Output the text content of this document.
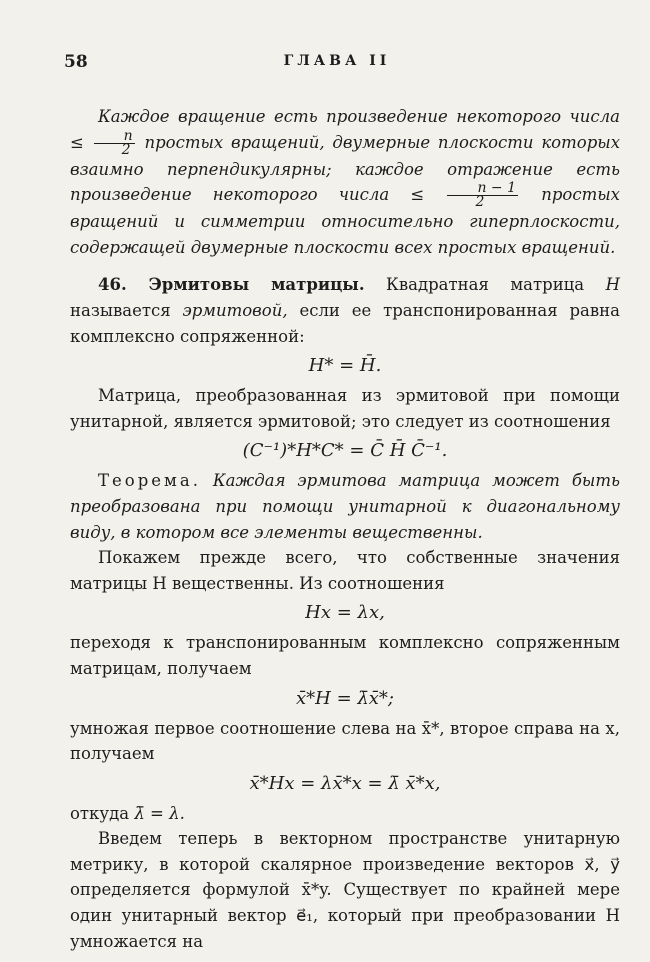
58	ГЛАВА II

Каждое вращение есть произведение некоторого числа ≤ $\frac{n}{2}$ простых вращений, двумерные плоскости которых взаимно перпендикулярны; каждое отражение есть произведение некоторого числа ≤ $\frac{n - 1}{2}$ простых вращений и симметрии относительно гиперплоскости, содержащей двумерные плоскости всех простых вращений.

46. Эрмитовы матрицы. Квадратная матрица H называется эрмитовой, если ее транспонированная равна комплексно сопряженной:

H* = H̄.

Матрица, преобразованная из эрмитовой при помощи унитарной, является эрмитовой; это следует из соотношения

(C⁻¹)*H*C* = C̄ H̄ C̄⁻¹.

Теорема. Каждая эрмитова матрица может быть преобразована при помощи унитарной к диагональному виду, в котором все элементы вещественны.

Покажем прежде всего, что собственные значения матрицы H вещественны. Из соотношения

Hx = λx,

переходя к транспонированным комплексно сопряженным матрицам, получаем

x̄*H = λ̄x̄*;

умножая первое соотношение слева на x̄*, второе справа на x, получаем

x̄*Hx = λx̄*x = λ̄ x̄*x,

откуда λ̄ = λ.

Введем теперь в векторном пространстве унитарную метрику, в которой скалярное произведение векторов x⃗, y⃗ определяется формулой x̄*y. Существует по крайней мере один унитарный вектор e⃗₁, который при преобразовании H умножается на
